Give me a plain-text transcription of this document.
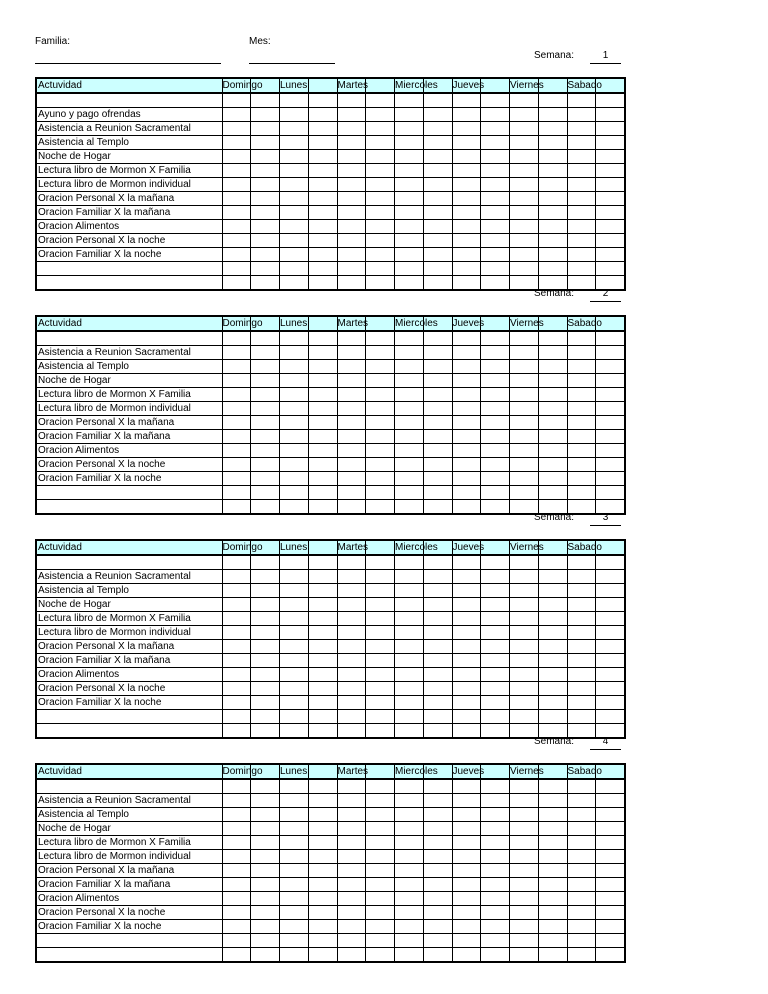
Familia:	Mes:
Semana:	1
Actuvidad	Domingo		Lunes		Martes		Miercoles		Jueves		Viernes		Sabado	

Ayuno y pago ofrendas														
Asistencia a Reunion Sacramental														
Asistencia al Templo														
Noche de Hogar														
Lectura libro de Mormon X Familia														
Lectura libro de Mormon individual														
Oracion Personal X la mañana														
Oracion Familiar X la mañana														
Oracion Alimentos														
Oracion Personal X la noche														
Oracion Familiar X la noche														

Semana:	2
Actuvidad	Domingo		Lunes		Martes		Miercoles		Jueves		Viernes		Sabado	

Asistencia a Reunion Sacramental														
Asistencia al Templo														
Noche de Hogar														
Lectura libro de Mormon X Familia														
Lectura libro de Mormon individual														
Oracion Personal X la mañana														
Oracion Familiar X la mañana														
Oracion Alimentos														
Oracion Personal X la noche														
Oracion Familiar X la noche														

Semana:	3
Actuvidad	Domingo		Lunes		Martes		Miercoles		Jueves		Viernes		Sabado	

Asistencia a Reunion Sacramental														
Asistencia al Templo														
Noche de Hogar														
Lectura libro de Mormon X Familia														
Lectura libro de Mormon individual														
Oracion Personal X la mañana														
Oracion Familiar X la mañana														
Oracion Alimentos														
Oracion Personal X la noche														
Oracion Familiar X la noche														

Semana:	4
Actuvidad	Domingo		Lunes		Martes		Miercoles		Jueves		Viernes		Sabado	

Asistencia a Reunion Sacramental														
Asistencia al Templo														
Noche de Hogar														
Lectura libro de Mormon X Familia														
Lectura libro de Mormon individual														
Oracion Personal X la mañana														
Oracion Familiar X la mañana														
Oracion Alimentos														
Oracion Personal X la noche														
Oracion Familiar X la noche														
